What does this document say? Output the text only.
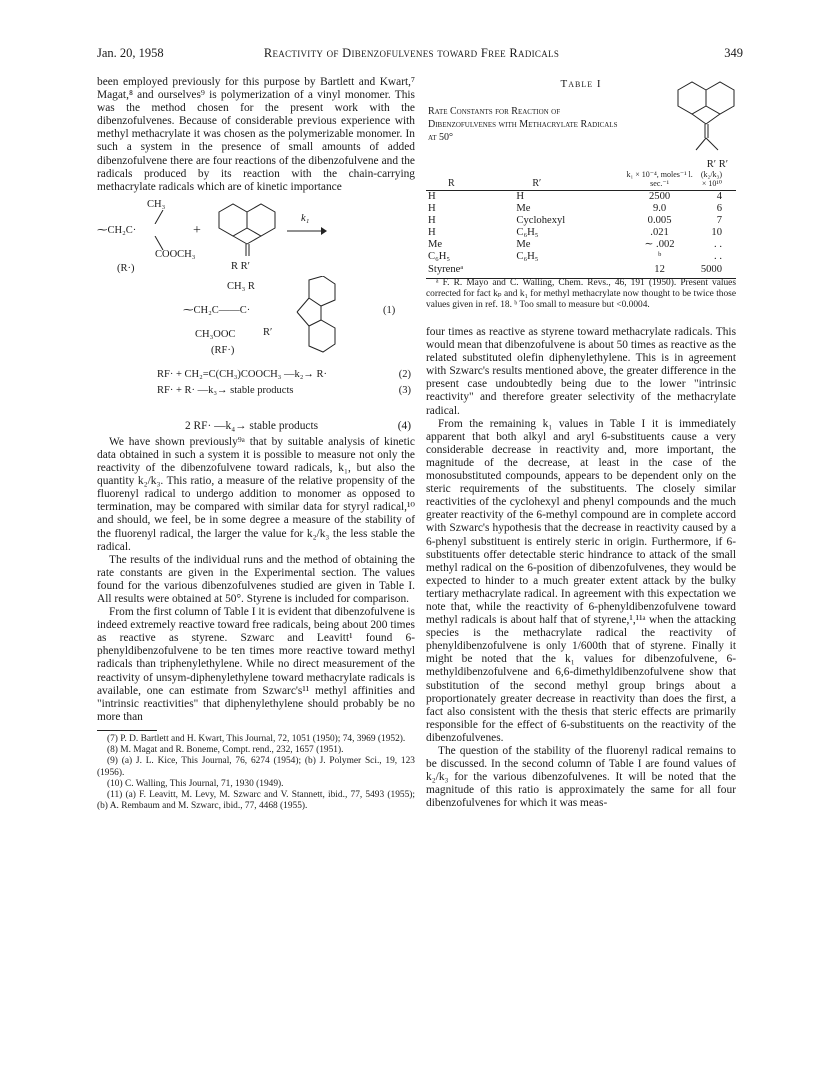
Jan. 20, 1958	Reactivity of Dibenzofulvenes toward Free Radicals	349

been employed previously for this purpose by Bartlett and Kwart,⁷ Magat,⁸ and ourselves⁹ is polymerization of a vinyl monomer. This was the method chosen for the present work with the dibenzofulvenes. Because of considerable previous experience with methyl methacrylate it was chosen as the polymerizable monomer. In such a system in the presence of small amounts of added dibenzofulvene there are four reactions of the dibenzofulvene and the radicals produced by its reaction with the chain-carrying methacrylate radicals which are of kinetic importance

CH₃
⁓CH₂C·
COOCH₃
(R·)
+
k₁
R R′
CH₃ R
⁓CH₂C——C·	(1)
CH₃OOC	R′
(RF·)
RF· + CH₂=C(CH₃)COOCH₃ —k₂→ R·	(2)
RF· + R· —k₃→ stable products	(3)
2 RF· —k₄→ stable products	(4)

We have shown previously⁹ᵃ that by suitable analysis of kinetic data obtained in such a system it is possible to measure not only the reactivity of the dibenzofulvene toward radicals, k₁, but also the quantity k₂/k₃. This ratio, a measure of the relative propensity of the fluorenyl radical to undergo addition to monomer as opposed to termination, may be compared with similar data for styryl radical,¹⁰ and should, we feel, be in some degree a measure of the stability of the fluorenyl radical, the larger the value for k₂/k₃ the less stable the radical.

The results of the individual runs and the method of obtaining the rate constants are given in the Experimental section. The values found for the various dibenzofulvenes studied are given in Table I. All results were obtained at 50°. Styrene is included for comparison.

From the first column of Table I it is evident that dibenzofulvene is indeed extremely reactive toward free radicals, being about 200 times as reactive as styrene. Szwarc and Leavitt¹ found 6-phenyldibenzofulvene to be ten times more reactive toward methyl radicals than triphenylethylene. While no direct measurement of the reactivity of unsym-diphenylethylene toward methacrylate radicals is available, one can estimate from Szwarc's¹¹ methyl affinities and "intrinsic reactivities" that diphenylethylene should probably be no more than

(7) P. D. Bartlett and H. Kwart, This Journal, 72, 1051 (1950); 74, 3969 (1952).

(8) M. Magat and R. Boneme, Compt. rend., 232, 1657 (1951).

(9) (a) J. L. Kice, This Journal, 76, 6274 (1954); (b) J. Polymer Sci., 19, 123 (1956).

(10) C. Walling, This Journal, 71, 1930 (1949).

(11) (a) F. Leavitt, M. Levy, M. Szwarc and V. Stannett, ibid., 77, 5493 (1955); (b) A. Rembaum and M. Szwarc, ibid., 77, 4468 (1955).

Table I
Rate Constants for Reaction of Dibenzofulvenes with Methacrylate Radicals at 50°
R′ R′
R	R′	k₁ × 10⁻⁴, moles⁻¹ l. sec.⁻¹	(k₂/k₃) × 10¹⁰
H	H	2500	4
H	Me	9.0	6
H	Cyclohexyl	0.005	7
H	C₆H₅	.021	10
Me	Me	∼ .002	. .
C₆H₅	C₆H₅	ᵇ	. .
Styreneᵃ		12	5000

ᵃ F. R. Mayo and C. Walling, Chem. Revs., 46, 191 (1950). Present values corrected for fact kₚ and k₁ for methyl methacrylate now thought to be twice those values given in ref. 18. ᵇ Too small to measure but <0.0004.

four times as reactive as styrene toward methacrylate radicals. This would mean that dibenzofulvene is about 50 times as reactive as the related substituted olefin diphenylethylene. This is in agreement with Szwarc's results mentioned above, the greater difference in the present case undoubtedly being due to the lower "intrinsic reactivity" and therefore greater selectivity of the methacrylate radical.

From the remaining k₁ values in Table I it is immediately apparent that both alkyl and aryl 6-substituents cause a very considerable decrease in reactivity and, more important, the magnitude of the decrease, at least in the case of the monosubstituted compounds, appears to be dependent only on the steric requirements of the substituents. The closely similar reactivities of the cyclohexyl and phenyl compounds and the much greater reactivity of the 6-methyl compound are in complete accord with Szwarc's hypothesis that the decrease in reactivity caused by a 6-phenyl substituent is entirely steric in origin. Furthermore, if 6-substituents offer detectable steric hindrance to attack of the small methyl radical on the 6-position of dibenzofulvenes, they would be expected to hinder to a much greater extent attack by the bulky tertiary methacrylate radical. In agreement with this expectation we note that, while the reactivity of 6-phenyldibenzofulvene toward methyl radicals is about half that of styrene,¹,¹¹ᵃ when the attacking species is the methacrylate radical the reactivity of phenyldibenzofulvene is only 1/600th that of styrene. Finally it might be noted that the k₁ values for dibenzofulvene, 6-methyldibenzofulvene and 6,6-dimethyldibenzofulvene show that substitution of the second methyl group brings about a proportionately greater decrease in reactivity than does the first, a fact also consistent with the thesis that steric effects are primarily responsible for the effect of 6-substituents on the reactivity of the dibenzofulvenes.

The question of the stability of the fluorenyl radical remains to be discussed. In the second column of Table I are found values of k₂/k₃ for the various dibenzofulvenes. It will be noted that the magnitude of this ratio is approximately the same for all four dibenzofulvenes for which it was meas-
